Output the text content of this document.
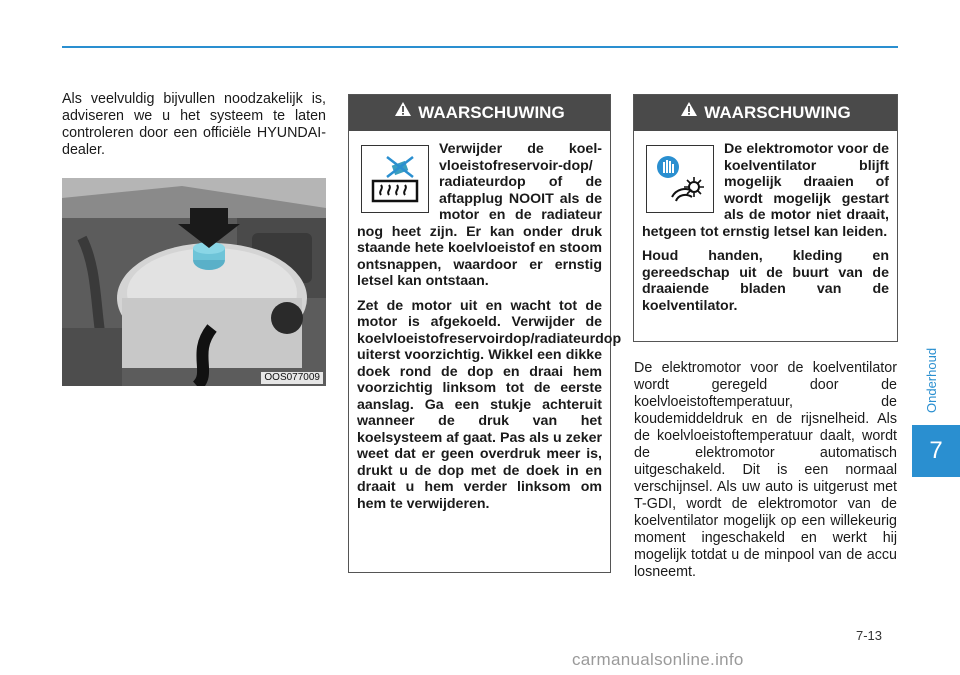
Onderhoud
7
Als veelvuldig bijvullen noodzakelijk is, adviseren we u het systeem te laten controleren door een officiële HYUNDAI-dealer.
OOS077009
WAARSCHUWING

Verwijder de koel-vloeistofreservoir-dop/ radiateurdop of de aftapplug NOOIT als de motor en de radiateur nog heet zijn. Er kan onder druk staande hete koelvloeistof en stoom ontsnappen, waardoor er ernstig letsel kan ontstaan.

Zet de motor uit en wacht tot de motor is afgekoeld. Verwijder de koelvloeistofreservoirdop/radiateurdop uiterst voorzichtig. Wikkel een dikke doek rond de dop en draai hem voorzichtig linksom tot de eerste aanslag. Ga een stukje achteruit wanneer de druk van het koelsysteem af gaat. Pas als u zeker weet dat er geen overdruk meer is, drukt u de dop met de doek in en draait u hem verder linksom om hem te verwijderen.

WAARSCHUWING

De elektromotor voor de koelventilator blijft mogelijk draaien of wordt mogelijk gestart als de motor niet draait, hetgeen tot ernstig letsel kan leiden.

Houd handen, kleding en gereedschap uit de buurt van de draaiende bladen van de koelventilator.

De elektromotor voor de koelventilator wordt geregeld door de koelvloeistoftemperatuur, de koudemiddeldruk en de rijsnelheid. Als de koelvloeistoftemperatuur daalt, wordt de elektromotor automatisch uitgeschakeld. Dit is een normaal verschijnsel. Als uw auto is uitgerust met T-GDI, wordt de elektromotor van de koelventilator mogelijk op een willekeurig moment ingeschakeld en werkt hij mogelijk totdat u de minpool van de accu losneemt.
7-13
carmanualsonline.info
